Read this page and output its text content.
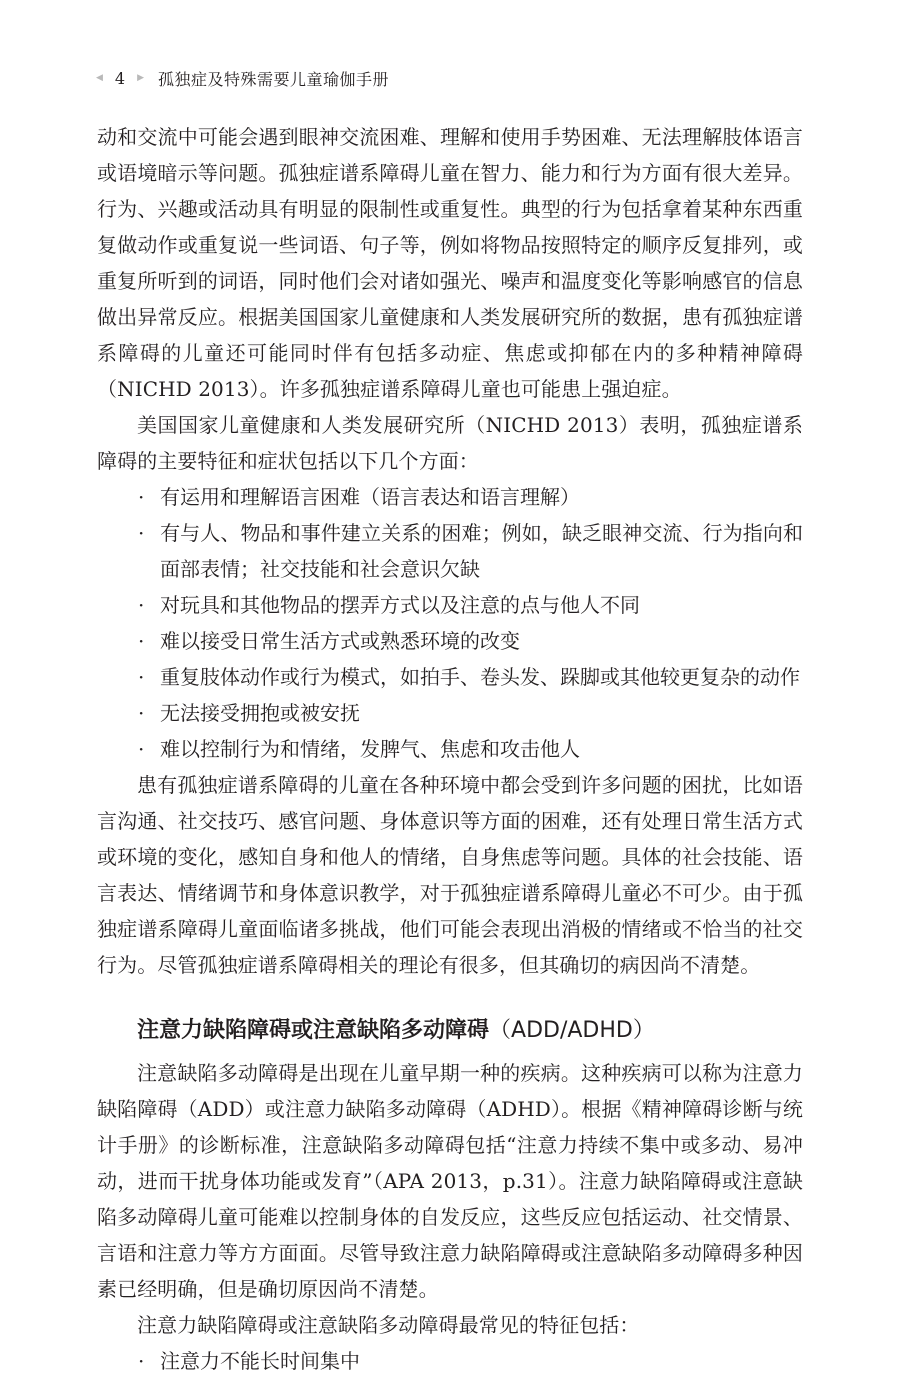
◀ 4 ▶ 孤独症及特殊需要儿童瑜伽手册

动和交流中可能会遇到眼神交流困难、理解和使用手势困难、无法理解肢体语言或语境暗示等问题。孤独症谱系障碍儿童在智力、能力和行为方面有很大差异。行为、兴趣或活动具有明显的限制性或重复性。典型的行为包括拿着某种东西重复做动作或重复说一些词语、句子等，例如将物品按照特定的顺序反复排列，或重复所听到的词语，同时他们会对诸如强光、噪声和温度变化等影响感官的信息做出异常反应。根据美国国家儿童健康和人类发展研究所的数据，患有孤独症谱系障碍的儿童还可能同时伴有包括多动症、焦虑或抑郁在内的多种精神障碍（NICHD 2013）。许多孤独症谱系障碍儿童也可能患上强迫症。

美国国家儿童健康和人类发展研究所（NICHD 2013）表明，孤独症谱系障碍的主要特征和症状包括以下几个方面：

· 有运用和理解语言困难（语言表达和语言理解）

· 有与人、物品和事件建立关系的困难；例如，缺乏眼神交流、行为指向和面部表情；社交技能和社会意识欠缺

· 对玩具和其他物品的摆弄方式以及注意的点与他人不同

· 难以接受日常生活方式或熟悉环境的改变

· 重复肢体动作或行为模式，如拍手、卷头发、跺脚或其他较更复杂的动作

· 无法接受拥抱或被安抚

· 难以控制行为和情绪，发脾气、焦虑和攻击他人

患有孤独症谱系障碍的儿童在各种环境中都会受到许多问题的困扰，比如语言沟通、社交技巧、感官问题、身体意识等方面的困难，还有处理日常生活方式或环境的变化，感知自身和他人的情绪，自身焦虑等问题。具体的社会技能、语言表达、情绪调节和身体意识教学，对于孤独症谱系障碍儿童必不可少。由于孤独症谱系障碍儿童面临诸多挑战，他们可能会表现出消极的情绪或不恰当的社交行为。尽管孤独症谱系障碍相关的理论有很多，但其确切的病因尚不清楚。

注意力缺陷障碍或注意缺陷多动障碍（ADD/ADHD）

注意缺陷多动障碍是出现在儿童早期一种的疾病。这种疾病可以称为注意力缺陷障碍（ADD）或注意力缺陷多动障碍（ADHD）。根据《精神障碍诊断与统计手册》的诊断标准，注意缺陷多动障碍包括“注意力持续不集中或多动、易冲动，进而干扰身体功能或发育”（APA 2013，p.31）。注意力缺陷障碍或注意缺陷多动障碍儿童可能难以控制身体的自发反应，这些反应包括运动、社交情景、言语和注意力等方方面面。尽管导致注意力缺陷障碍或注意缺陷多动障碍多种因素已经明确，但是确切原因尚不清楚。

注意力缺陷障碍或注意缺陷多动障碍最常见的特征包括：

· 注意力不能长时间集中
